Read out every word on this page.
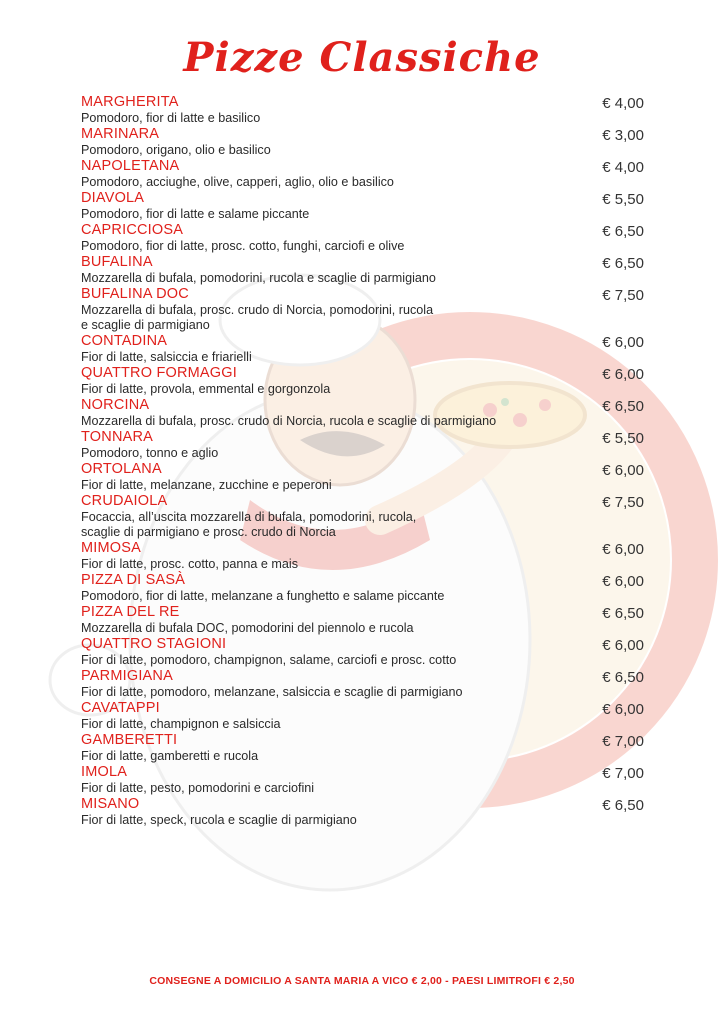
Pizze Classiche
MARGHERITA
Pomodoro, fior di latte e basilico
€ 4,00
MARINARA
Pomodoro, origano, olio e basilico
€ 3,00
NAPOLETANA
Pomodoro, acciughe, olive, capperi, aglio, olio e basilico
€ 4,00
DIAVOLA
Pomodoro, fior di latte e salame piccante
€ 5,50
CAPRICCIOSA
Pomodoro, fior di latte, prosc. cotto, funghi, carciofi e olive
€ 6,50
BUFALINA
Mozzarella di bufala, pomodorini, rucola e scaglie di parmigiano
€ 6,50
BUFALINA DOC
Mozzarella di bufala, prosc. crudo di Norcia, pomodorini, rucola
e scaglie di parmigiano
€ 7,50
CONTADINA
Fior di latte, salsiccia e friarielli
€ 6,00
QUATTRO FORMAGGI
Fior di latte, provola, emmental e gorgonzola
€ 6,00
NORCINA
Mozzarella di bufala, prosc. crudo di Norcia, rucola e scaglie di parmigiano
€ 6,50
TONNARA
Pomodoro, tonno e aglio
€ 5,50
ORTOLANA
Fior di latte, melanzane, zucchine e peperoni
€ 6,00
CRUDAIOLA
Focaccia, all’uscita mozzarella di bufala, pomodorini, rucola,
scaglie di parmigiano e prosc. crudo di Norcia
€ 7,50
MIMOSA
Fior di latte, prosc. cotto, panna e mais
€ 6,00
PIZZA DI SASÀ
Pomodoro, fior di latte, melanzane a funghetto e salame piccante
€ 6,00
PIZZA DEL RE
Mozzarella di bufala DOC, pomodorini del piennolo e rucola
€ 6,50
QUATTRO STAGIONI
Fior di latte, pomodoro, champignon, salame, carciofi e prosc. cotto
€ 6,00
PARMIGIANA
Fior di latte, pomodoro, melanzane, salsiccia e scaglie di parmigiano
€ 6,50
CAVATAPPI
Fior di latte, champignon e salsiccia
€ 6,00
GAMBERETTI
Fior di latte, gamberetti e rucola
€ 7,00
IMOLA
Fior di latte, pesto, pomodorini e carciofini
€ 7,00
MISANO
Fior di latte, speck, rucola e scaglie di parmigiano
€ 6,50
CONSEGNE A DOMICILIO A SANTA MARIA A VICO € 2,00 - PAESI LIMITROFI € 2,50
